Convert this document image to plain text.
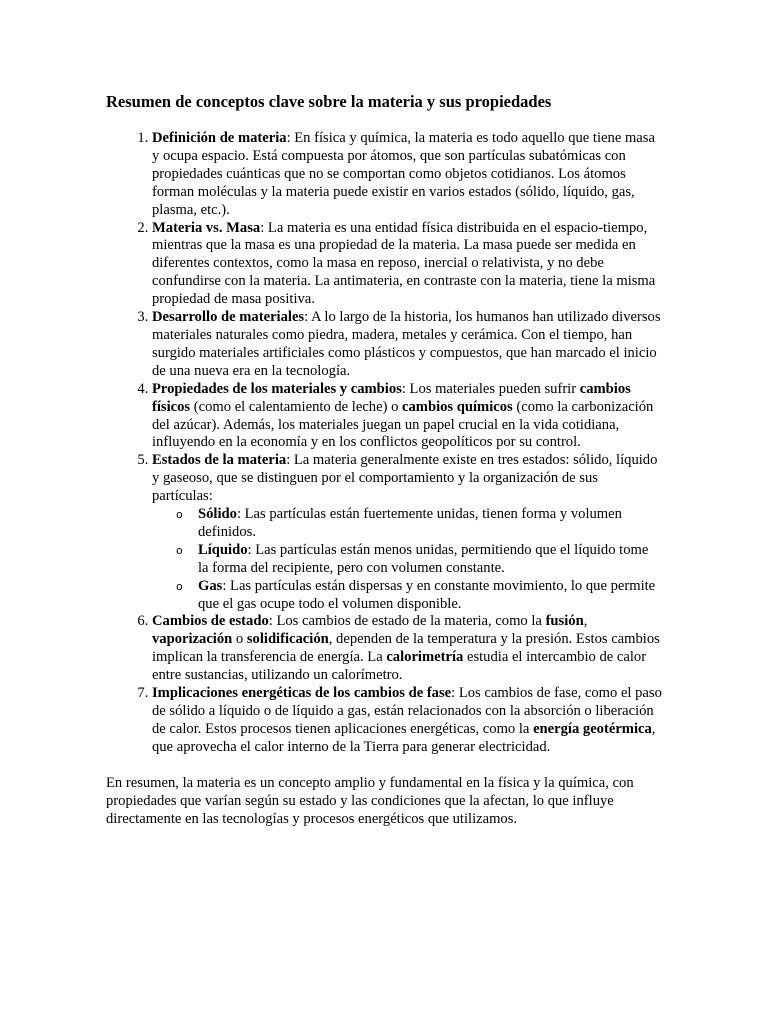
Resumen de conceptos clave sobre la materia y sus propiedades
1. Definición de materia: En física y química, la materia es todo aquello que tiene masa y ocupa espacio. Está compuesta por átomos, que son partículas subatómicas con propiedades cuánticas que no se comportan como objetos cotidianos. Los átomos forman moléculas y la materia puede existir en varios estados (sólido, líquido, gas, plasma, etc.).
2. Materia vs. Masa: La materia es una entidad física distribuida en el espacio-tiempo, mientras que la masa es una propiedad de la materia. La masa puede ser medida en diferentes contextos, como la masa en reposo, inercial o relativista, y no debe confundirse con la materia. La antimateria, en contraste con la materia, tiene la misma propiedad de masa positiva.
3. Desarrollo de materiales: A lo largo de la historia, los humanos han utilizado diversos materiales naturales como piedra, madera, metales y cerámica. Con el tiempo, han surgido materiales artificiales como plásticos y compuestos, que han marcado el inicio de una nueva era en la tecnología.
4. Propiedades de los materiales y cambios: Los materiales pueden sufrir cambios físicos (como el calentamiento de leche) o cambios químicos (como la carbonización del azúcar). Además, los materiales juegan un papel crucial en la vida cotidiana, influyendo en la economía y en los conflictos geopolíticos por su control.
5. Estados de la materia: La materia generalmente existe en tres estados: sólido, líquido y gaseoso, que se distinguen por el comportamiento y la organización de sus partículas:
o Sólido: Las partículas están fuertemente unidas, tienen forma y volumen definidos.
o Líquido: Las partículas están menos unidas, permitiendo que el líquido tome la forma del recipiente, pero con volumen constante.
o Gas: Las partículas están dispersas y en constante movimiento, lo que permite que el gas ocupe todo el volumen disponible.
6. Cambios de estado: Los cambios de estado de la materia, como la fusión, vaporización o solidificación, dependen de la temperatura y la presión. Estos cambios implican la transferencia de energía. La calorimetría estudia el intercambio de calor entre sustancias, utilizando un calorímetro.
7. Implicaciones energéticas de los cambios de fase: Los cambios de fase, como el paso de sólido a líquido o de líquido a gas, están relacionados con la absorción o liberación de calor. Estos procesos tienen aplicaciones energéticas, como la energía geotérmica, que aprovecha el calor interno de la Tierra para generar electricidad.

En resumen, la materia es un concepto amplio y fundamental en la física y la química, con propiedades que varían según su estado y las condiciones que la afectan, lo que influye directamente en las tecnologías y procesos energéticos que utilizamos.
